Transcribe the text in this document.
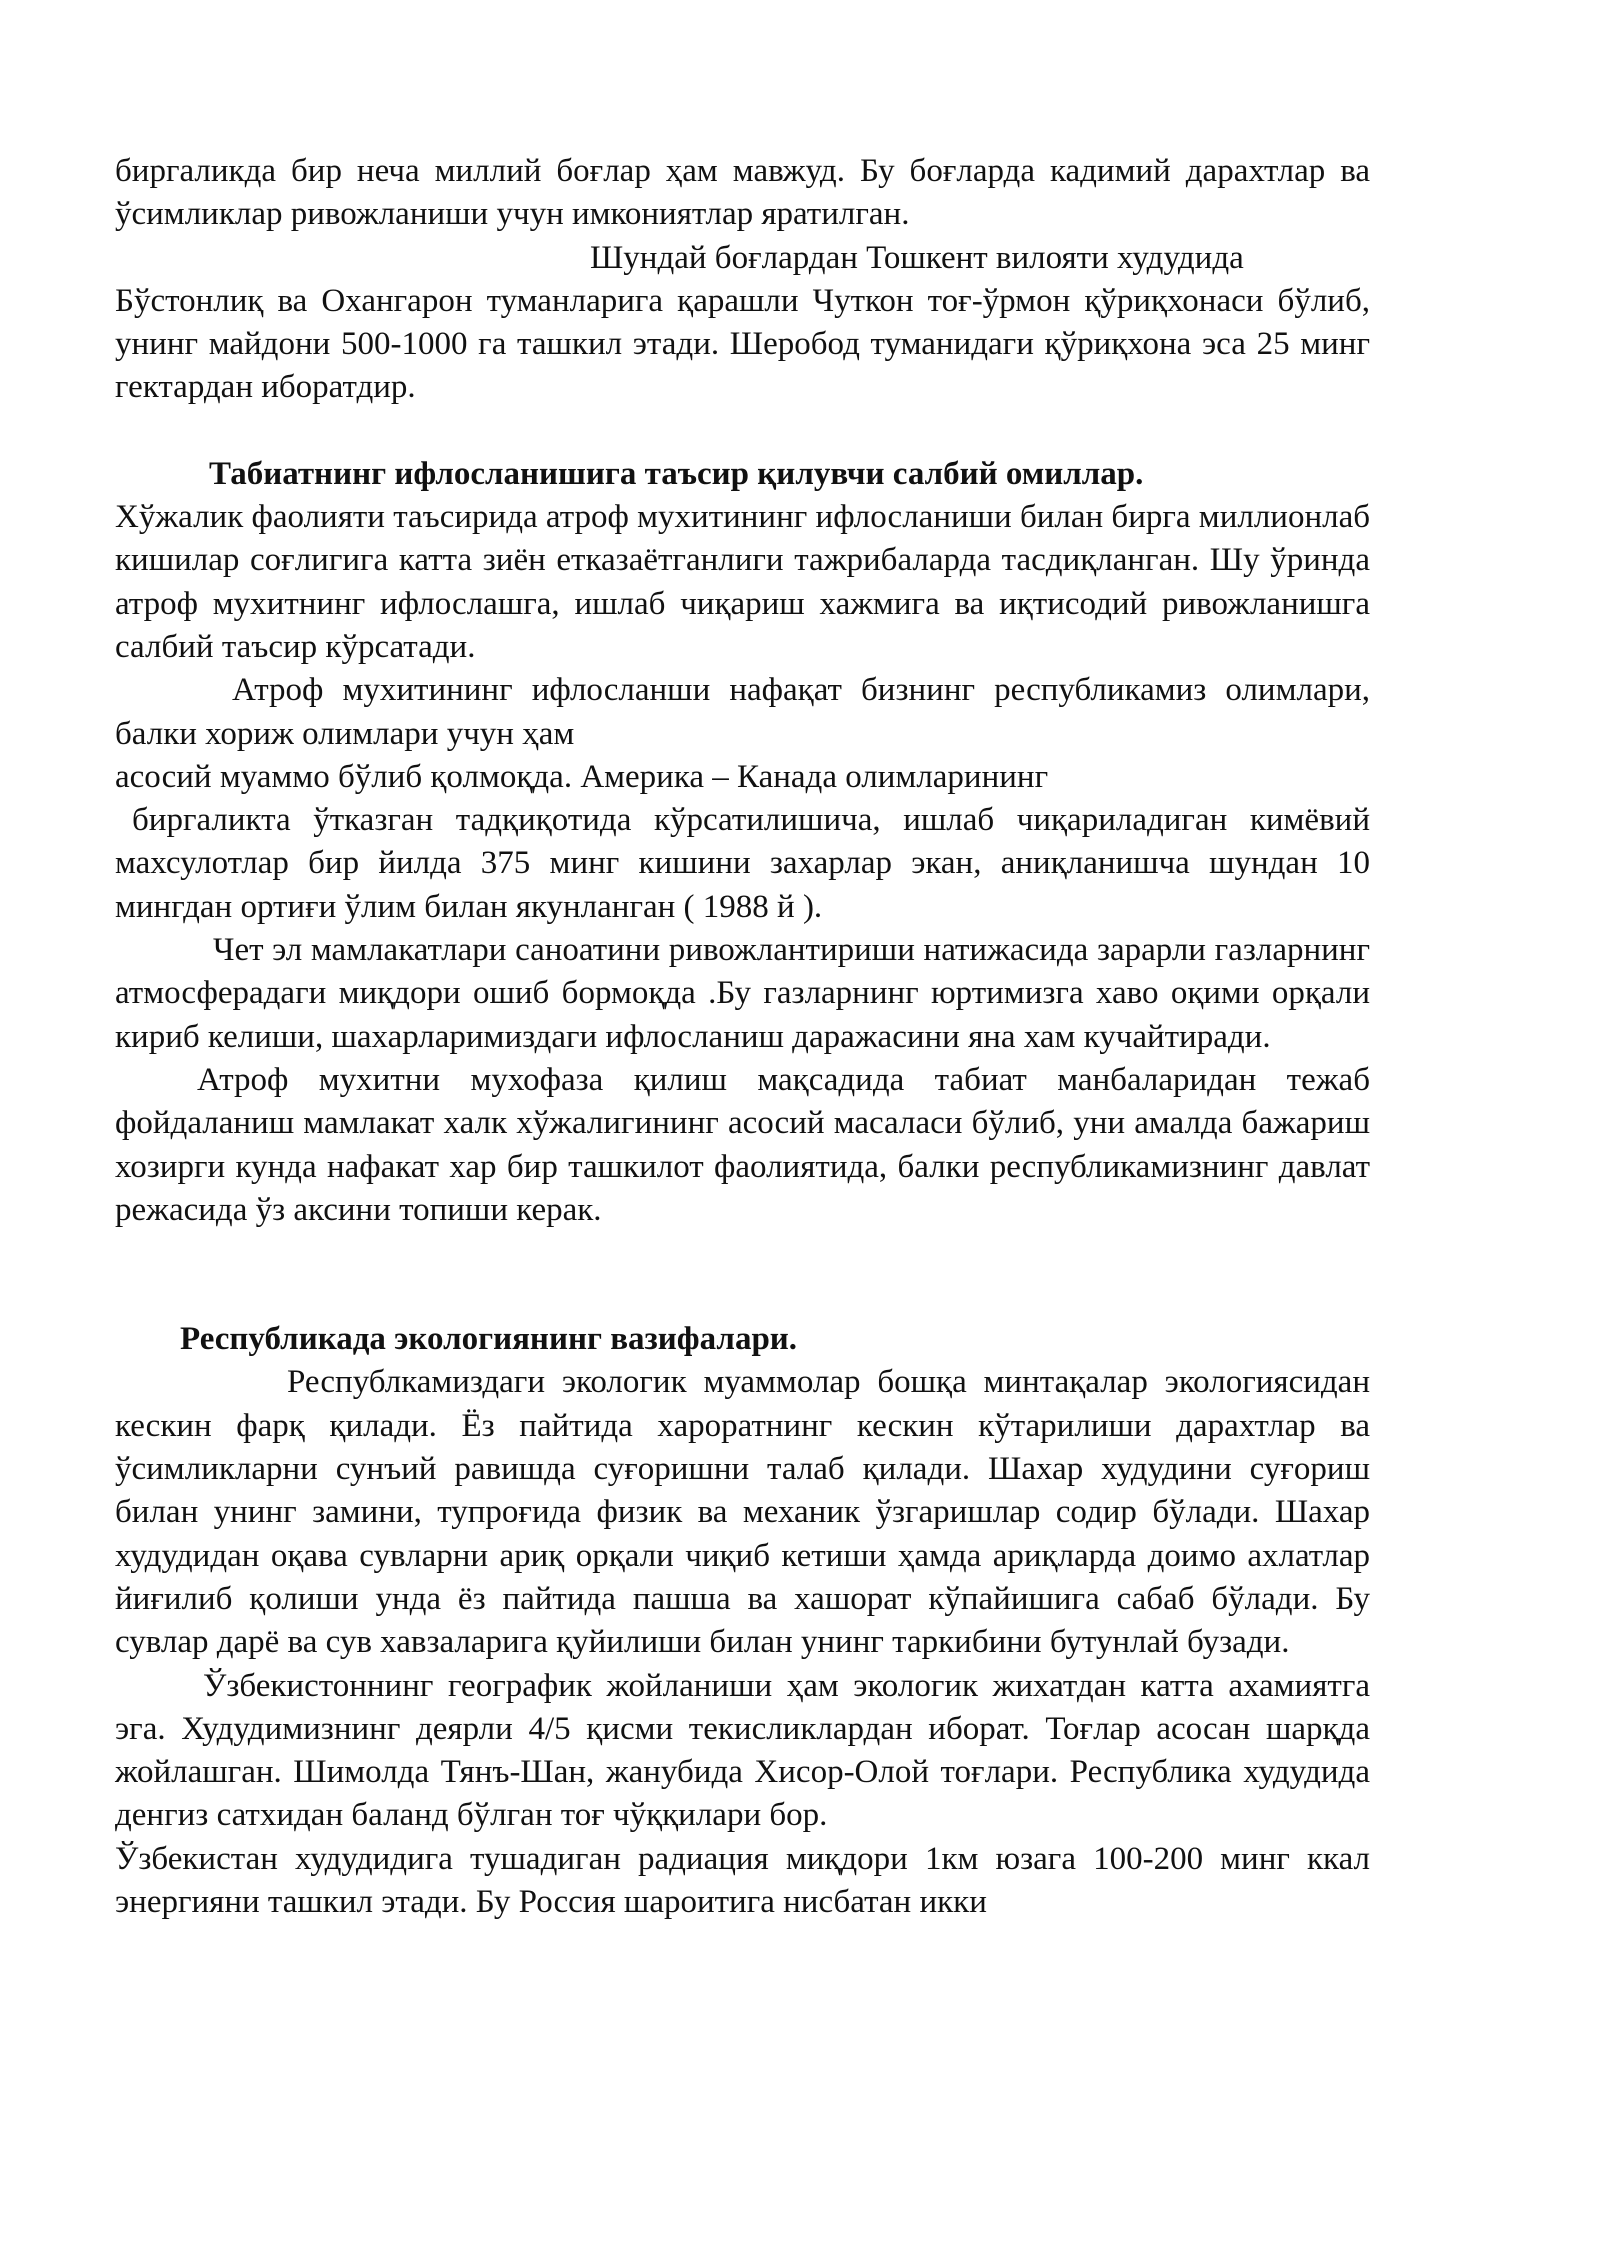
биргаликда бир неча миллий боғлар ҳам мавжуд. Бу боғларда кадимий дарахтлар ва ўсимликлар ривожланиши учун имкониятлар яратилган.

Шундай боғлардан Тошкент вилояти худудида
Бўстонлиқ ва Охангарон туманларига қарашли Чуткон тоғ-ўрмон қўриқхонаси бўлиб, унинг майдони 500-1000 га ташкил этади. Шеробод туманидаги қўриқхона эса 25 минг гектардан иборатдир.

Табиатнинг ифлосланишига таъсир қилувчи салбий омиллар.

Хўжалик фаолияти таъсирида атроф мухитининг ифлосланиши билан бирга миллионлаб кишилар соғлигига катта зиён етказаётганлиги тажрибаларда тасдиқланган. Шу ўринда атроф мухитнинг ифлослашга, ишлаб чиқариш хажмига ва иқтисодий ривожланишга салбий таъсир кўрсатади.

Атроф мухитининг ифлосланши нафақат бизнинг республикамиз олимлари, балки хориж олимлари учун ҳам

асосий муаммо бўлиб қолмоқда. Америка – Канада олимларининг

биргаликта ўтказган тадқиқотида кўрсатилишича, ишлаб чиқариладиган кимёвий махсулотлар бир йилда 375 минг кишини захарлар экан, аниқланишча шундан 10 мингдан ортиғи ўлим билан якунланган ( 1988 й ).

Чет эл мамлакатлари саноатини ривожлантириши натижасида зарарли газларнинг атмосферадаги миқдори ошиб бормоқда .Бу газларнинг юртимизга хаво оқими орқали кириб келиши, шахарларимиздаги ифлосланиш даражасини яна хам кучайтиради.

Атроф мухитни мухофаза қилиш мақсадида табиат манбаларидан тежаб фойдаланиш мамлакат халк хўжалигининг асосий масаласи бўлиб, уни амалда бажариш хозирги кунда нафакат хар бир ташкилот фаолиятида, балки республикамизнинг давлат режасида ўз аксини топиши керак.

Республикада экологиянинг вазифалари.

Республкамиздаги экологик муаммолар бошқа минтақалар экологиясидан кескин фарқ қилади. Ёз пайтида хароратнинг кескин кўтарилиши дарахтлар ва ўсимликларни сунъий равишда суғоришни талаб қилади. Шахар худудини суғориш билан унинг замини, тупроғида физик ва механик ўзгаришлар содир бўлади. Шахар худудидан оқава сувларни ариқ орқали чиқиб кетиши ҳамда ариқларда доимо ахлатлар йиғилиб қолиши унда ёз пайтида пашша ва хашорат кўпайишига сабаб бўлади. Бу сувлар дарё ва сув хавзаларига қуйилиши билан унинг таркибини бутунлай бузади.

Ўзбекистоннинг географик жойланиши ҳам экологик жихатдан катта ахамиятга эга. Худудимизнинг деярли 4/5 қисми текисликлардан иборат. Тоғлар асосан шарқда жойлашган. Шимолда Тянъ-Шан, жанубида Хисор-Олой тоғлари. Республика худудида денгиз сатхидан баланд бўлган тоғ чўққилари бор.

Ўзбекистан худудидига тушадиган радиация миқдори 1км юзага 100-200 минг ккал энергияни ташкил этади. Бу Россия шароитига нисбатан икки
